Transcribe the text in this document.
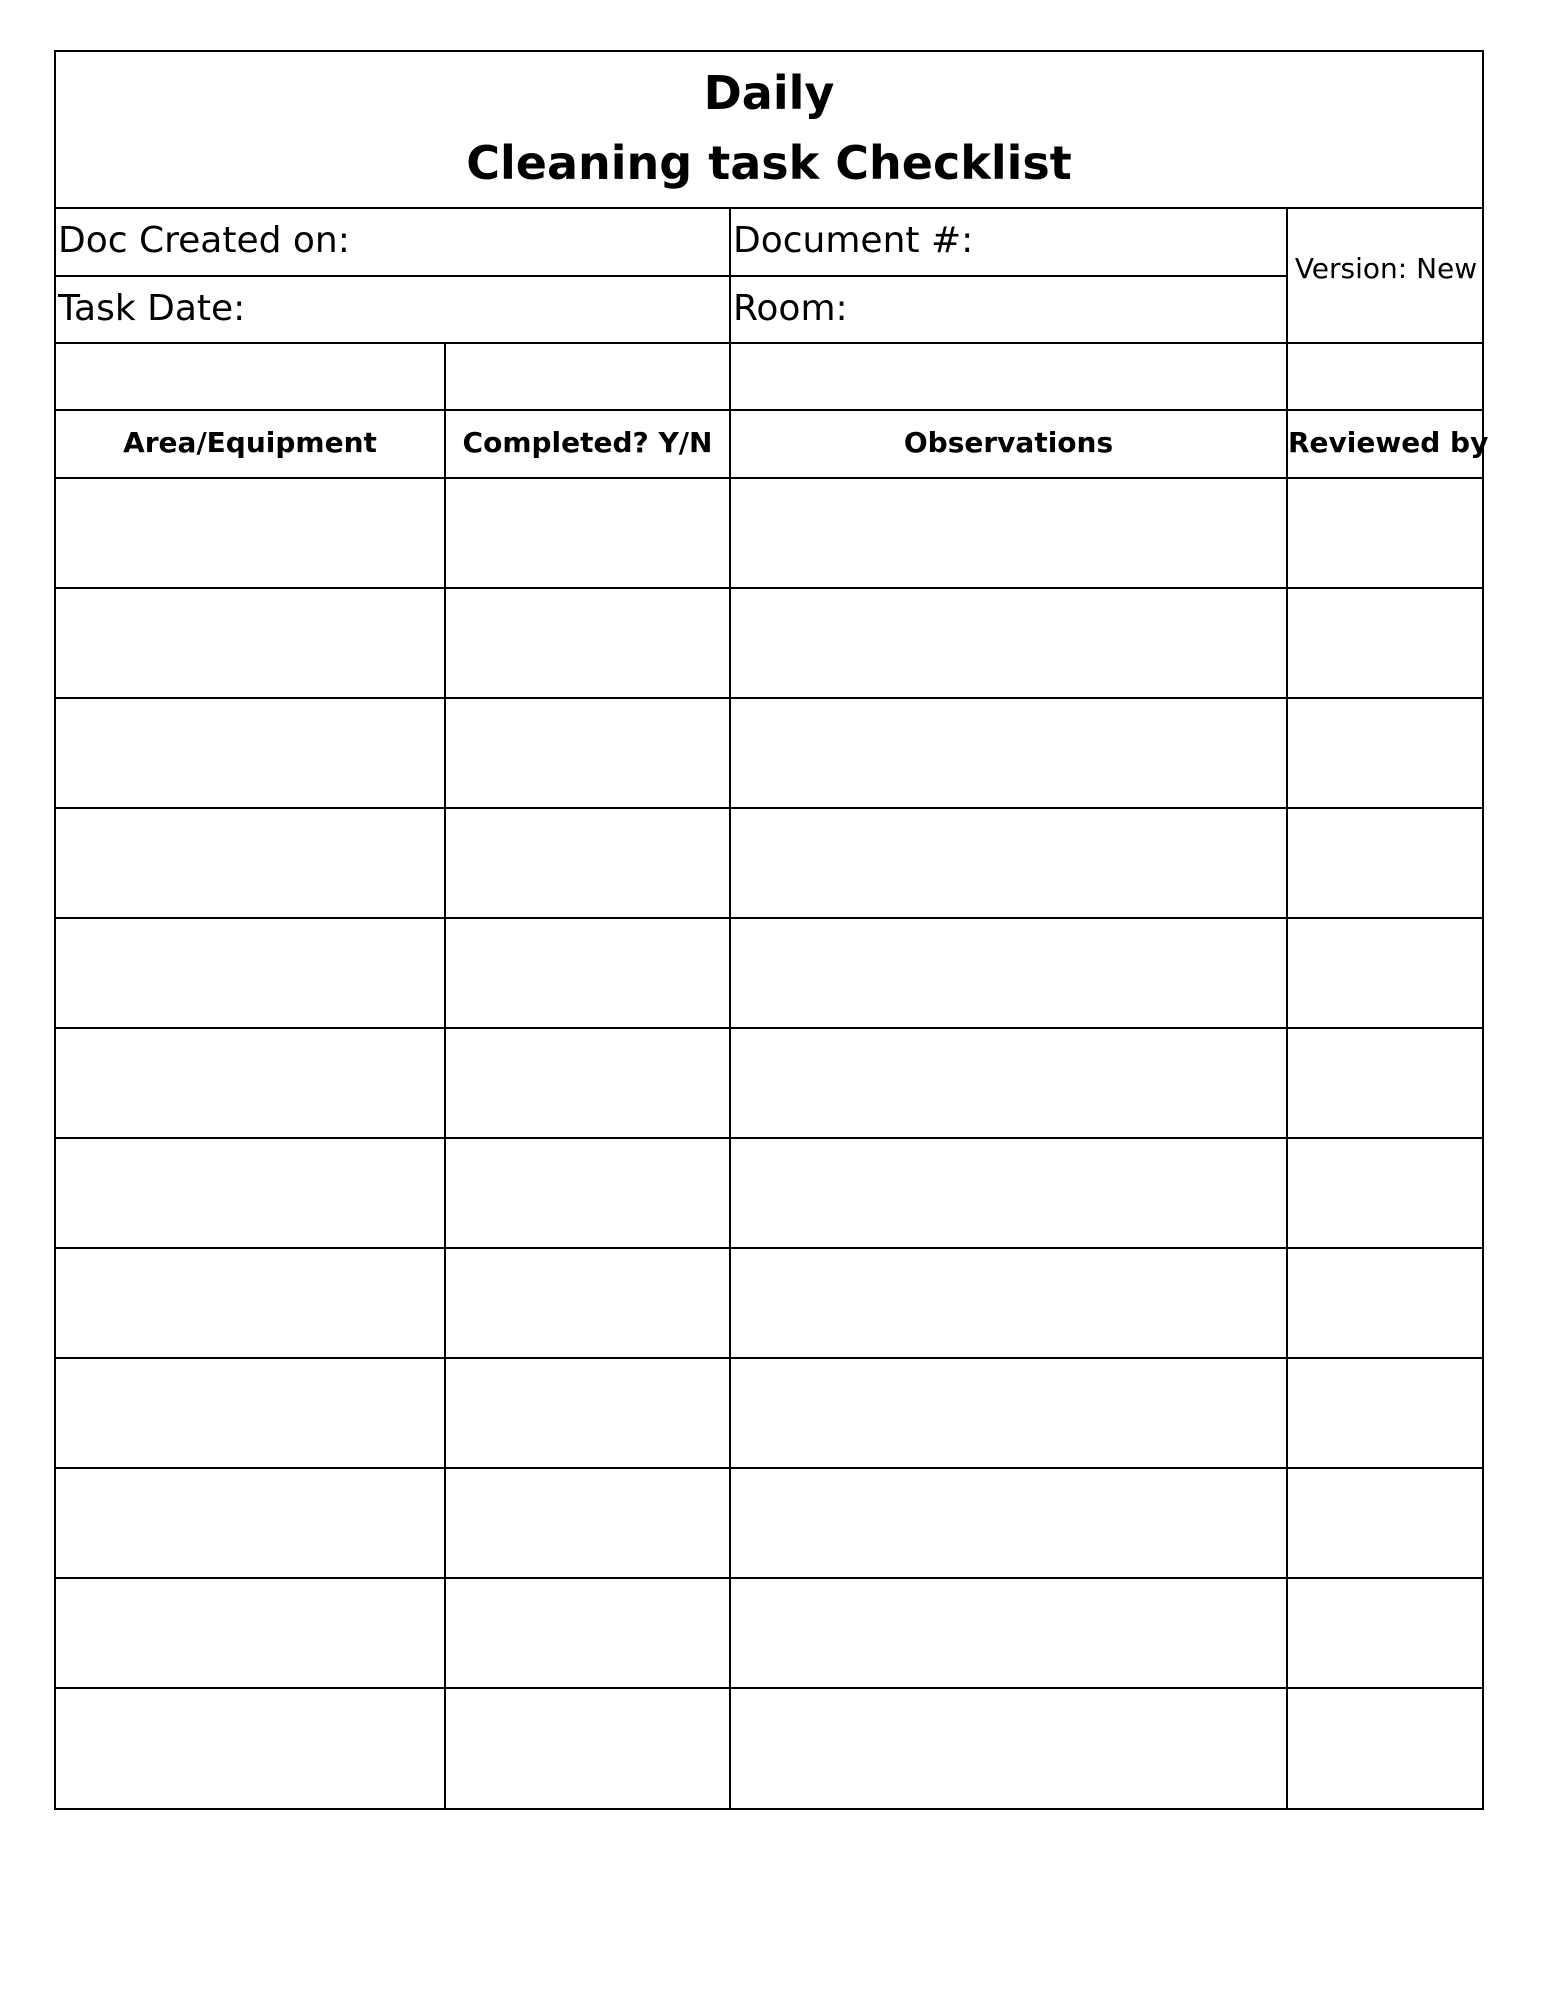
Daily
Cleaning task Checklist
Doc Created on:	Document #:
Version: New
Task Date:	Room:
Area/Equipment	Completed? Y/N	Observations	Reviewed by
